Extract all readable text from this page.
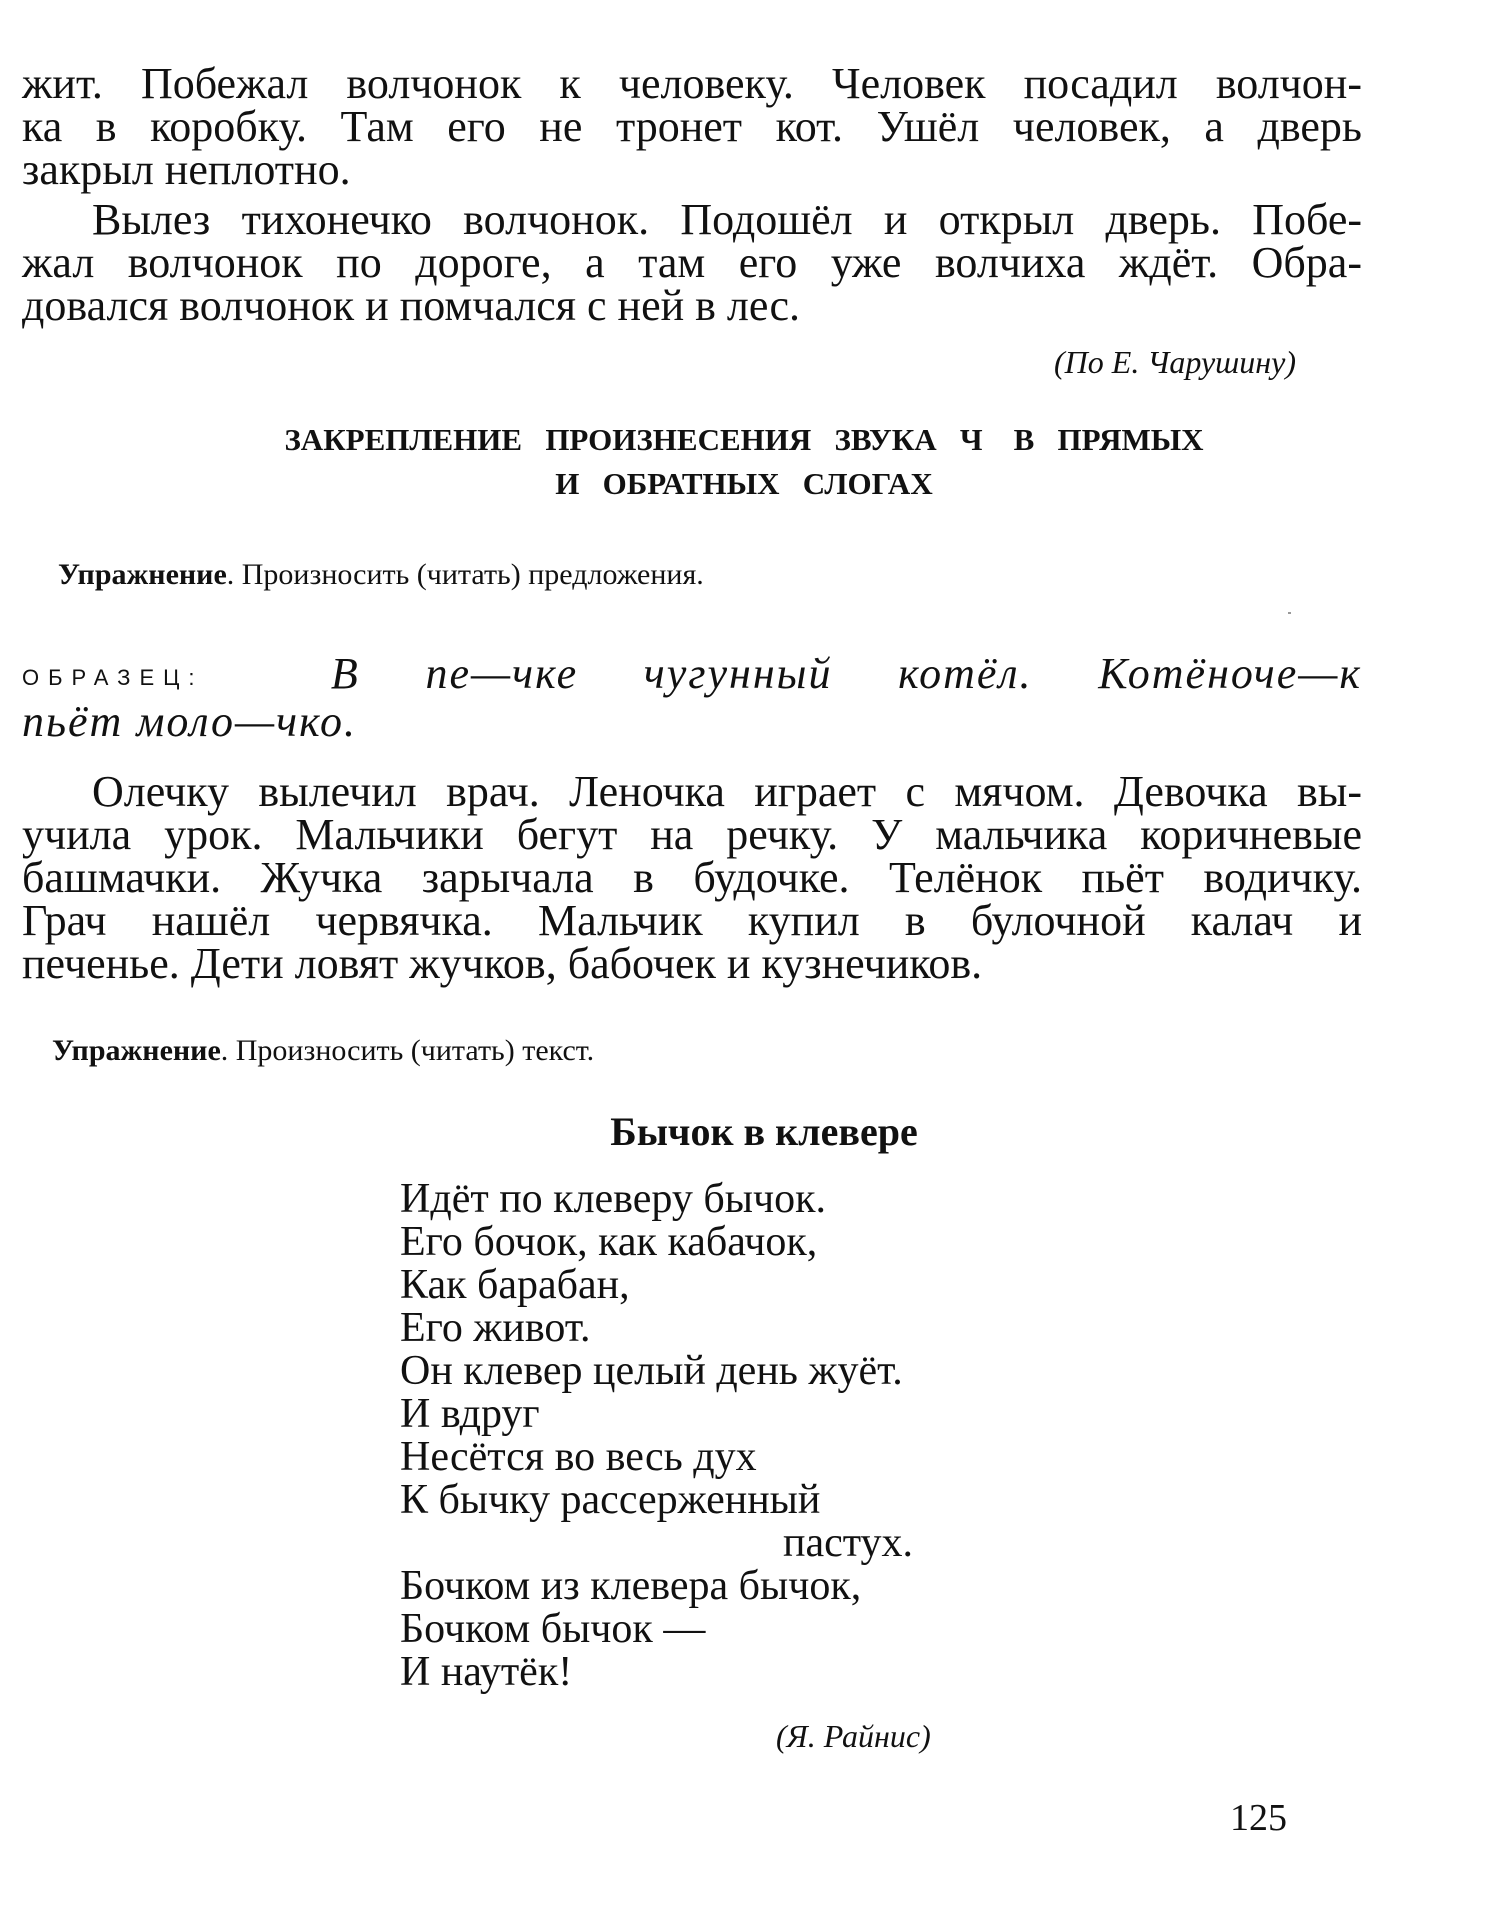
жит. Побежал волчонок к человеку. Человек посадил волчон-
ка в коробку. Там его не тронет кот. Ушёл человек, а дверь
закрыл неплотно.

Вылез тихонечко волчонок. Подошёл и открыл дверь. Побе-
жал волчонок по дороге, а там его уже волчиха ждёт. Обра-
довался волчонок и помчался с ней в лес.

(По Е. Чарушину)

ЗАКРЕПЛЕНИЕ   ПРОИЗНЕСЕНИЯ   ЗВУКА   Ч    В   ПРЯМЫХ
И   ОБРАТНЫХ   СЛОГАХ

Упражнение. Произносить (читать) предложения.

ОБРАЗЕЦ:	В пе—чке чугунный котёл. Котёноче—к
пьёт моло—чко.

Олечку вылечил врач. Леночка играет с мячом. Девочка вы-
учила урок. Мальчики бегут на речку. У мальчика коричневые
башмачки. Жучка зарычала в будочке. Телёнок пьёт водичку.
Грач нашёл червячка. Мальчик купил в булочной калач и
печенье. Дети ловят жучков, бабочек и кузнечиков.

Упражнение. Произносить (читать) текст.

Бычок в клевере

Идёт по клеверу бычок.
Его бочок, как кабачок,
Как барабан,
Его живот.
Он клевер целый день жуёт.
И вдруг
Несётся во весь дух
К бычку рассерженный
пастух.
Бочком из клевера бычок,
Бочком бычок —
И наутёк!

(Я. Райнис)

125
